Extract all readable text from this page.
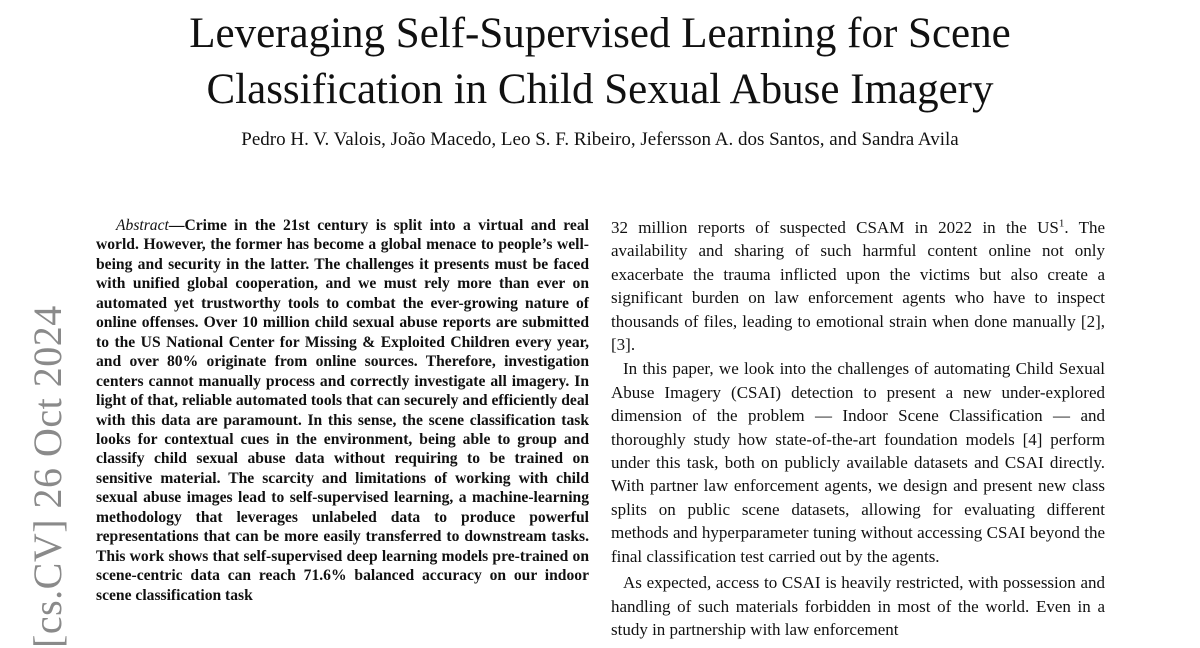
Leveraging Self-Supervised Learning for Scene
Classification in Child Sexual Abuse Imagery
Pedro H. V. Valois, João Macedo, Leo S. F. Ribeiro, Jefersson A. dos Santos, and Sandra Avila
[cs.CV] 26 Oct 2024

Abstract—Crime in the 21st century is split into a virtual and real world. However, the former has become a global menace to people’s well-being and security in the latter. The challenges it presents must be faced with unified global cooperation, and we must rely more than ever on automated yet trustworthy tools to combat the ever-growing nature of online offenses. Over 10 million child sexual abuse reports are submitted to the US National Center for Missing & Exploited Children every year, and over 80% originate from online sources. Therefore, investigation centers cannot manually process and correctly investigate all imagery. In light of that, reliable automated tools that can securely and efficiently deal with this data are paramount. In this sense, the scene classification task looks for contextual cues in the environment, being able to group and classify child sexual abuse data without requiring to be trained on sensitive material. The scarcity and limitations of working with child sexual abuse images lead to self-supervised learning, a machine-learning methodology that leverages unlabeled data to produce powerful representations that can be more easily transferred to downstream tasks. This work shows that self-supervised deep learning models pre-trained on scene-centric data can reach 71.6% balanced accuracy on our indoor scene classification task

32 million reports of suspected CSAM in 2022 in the $US^1$. The availability and sharing of such harmful content online not only exacerbate the trauma inflicted upon the victims but also create a significant burden on law enforcement agents who have to inspect thousands of files, leading to emotional strain when done manually [2], [3].

In this paper, we look into the challenges of automating Child Sexual Abuse Imagery (CSAI) detection to present a new under-explored dimension of the problem — Indoor Scene Classification — and thoroughly study how state-of-the-art foundation models [4] perform under this task, both on publicly available datasets and CSAI directly. With partner law enforcement agents, we design and present new class splits on public scene datasets, allowing for evaluating different methods and hyperparameter tuning without accessing CSAI beyond the final classification test carried out by the agents.

As expected, access to CSAI is heavily restricted, with possession and handling of such materials forbidden in most of the world. Even in a study in partnership with law enforcement
